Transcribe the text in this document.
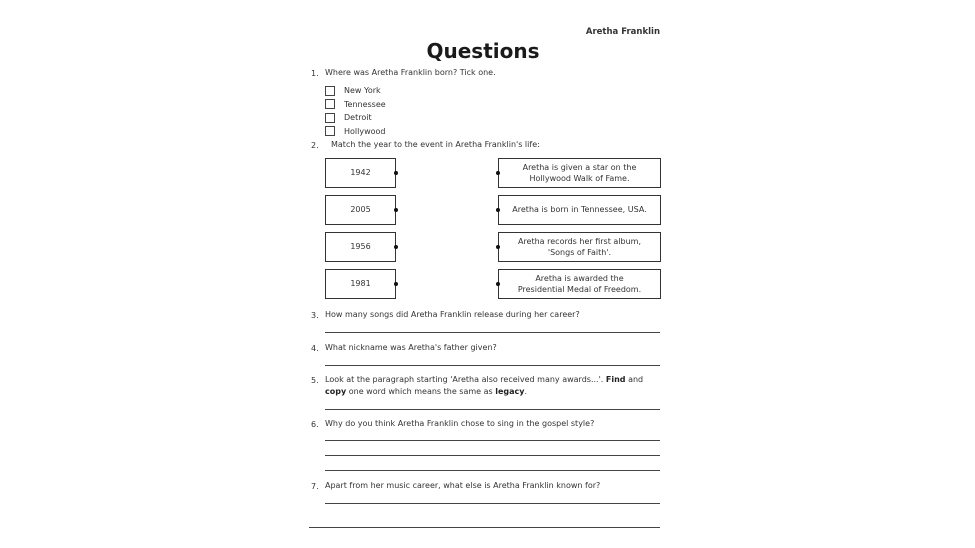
Aretha Franklin
Questions
1. Where was Aretha Franklin born? Tick one.
New York
Tennessee
Detroit
Hollywood
2. Match the year to the event in Aretha Franklin's life:
1942
2005
1956
1981
Aretha is given a star on the Hollywood Walk of Fame.
Aretha is born in Tennessee, USA.
Aretha records her first album, 'Songs of Faith'.
Aretha is awarded the Presidential Medal of Freedom.
3. How many songs did Aretha Franklin release during her career?
4. What nickname was Aretha's father given?
5. Look at the paragraph starting 'Aretha also received many awards...'. Find and copy one word which means the same as legacy.
6. Why do you think Aretha Franklin chose to sing in the gospel style?
7. Apart from her music career, what else is Aretha Franklin known for?
